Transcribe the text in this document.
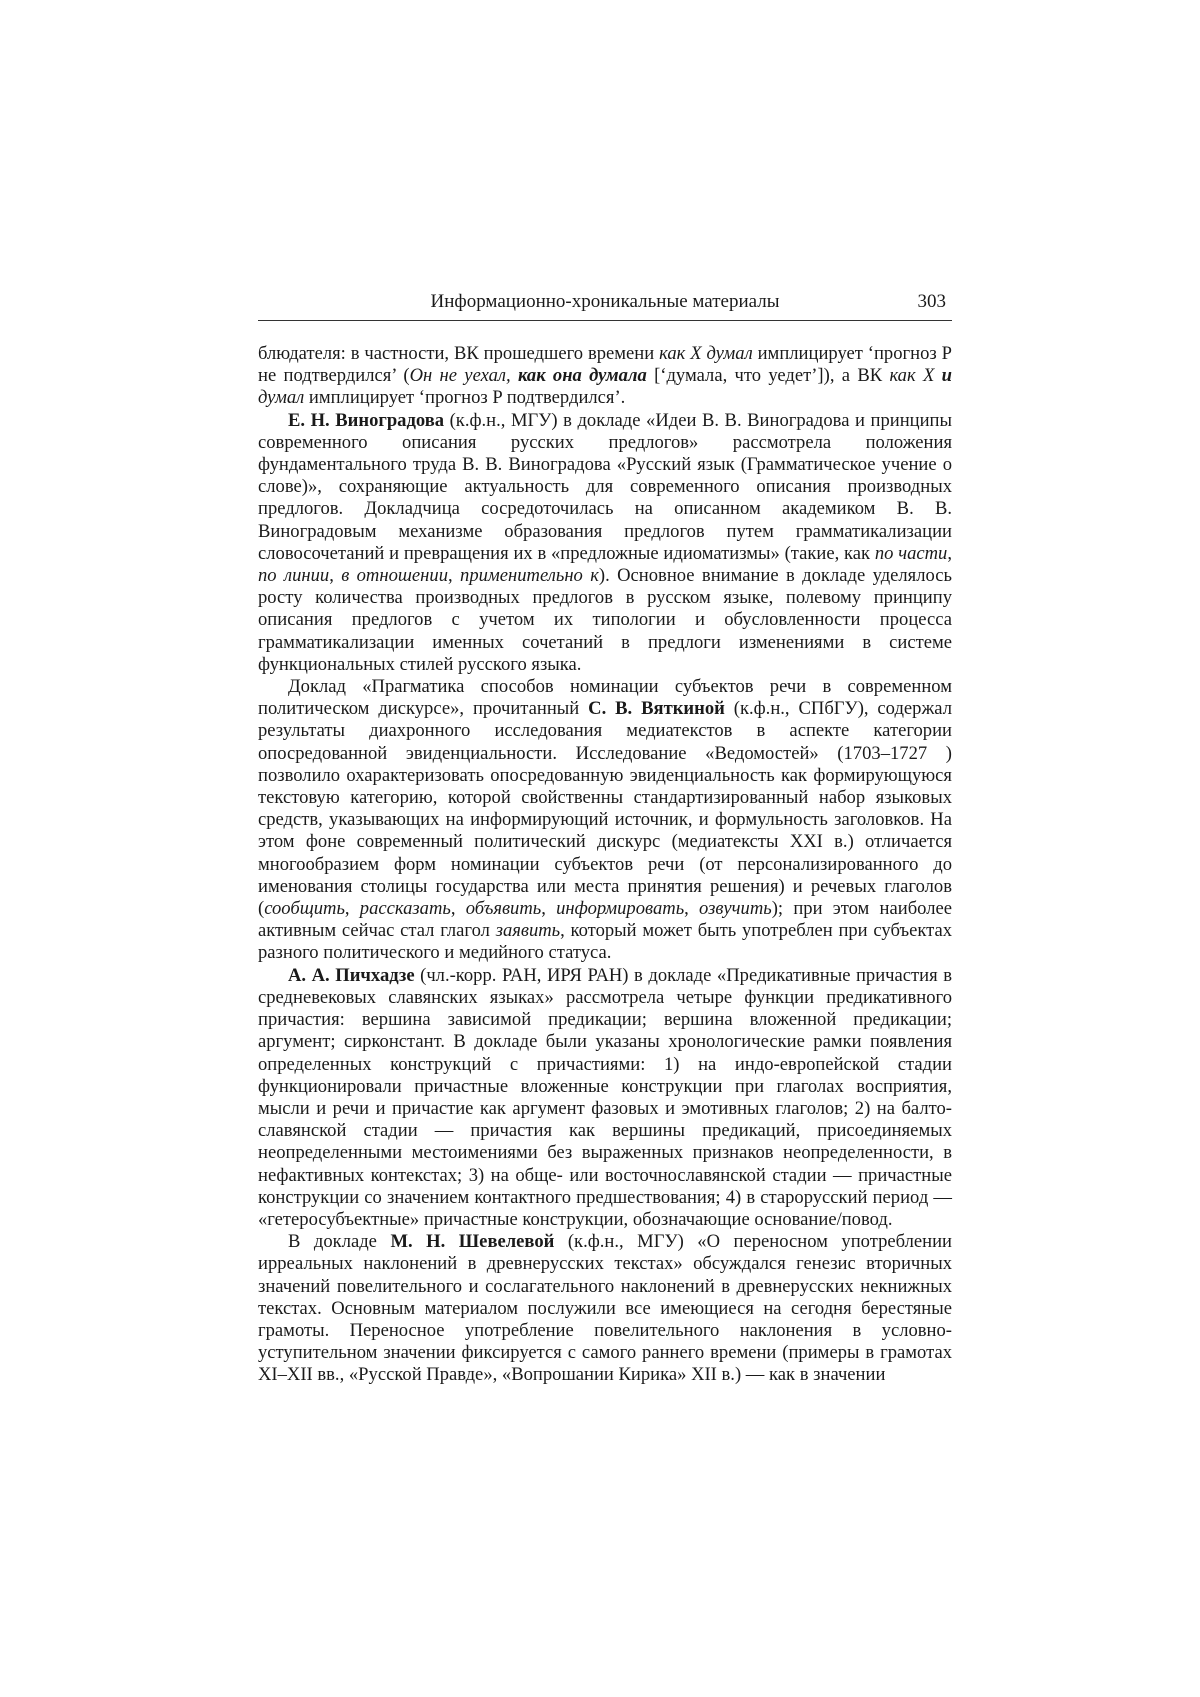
Информационно-хроникальные материалы	303

блюдателя: в частности, ВК прошедшего времени как X думал имплицирует ‘прогноз P не подтвердился’ (Он не уехал, как она думала [‘думала, что уедет’]), а ВК как X и думал имплицирует ‘прогноз P подтвердился’.

Е. Н. Виноградова (к.ф.н., МГУ) в докладе «Идеи В. В. Виноградова и принципы современного описания русских предлогов» рассмотрела положения фундаментального труда В. В. Виноградова «Русский язык (Грамматическое учение о слове)», сохраняющие актуальность для современного описания производных предлогов. Докладчица сосредоточилась на описанном академиком В. В. Виноградовым механизме образования предлогов путем грамматикализации словосочетаний и превращения их в «предложные идиоматизмы» (такие, как по части, по линии, в отношении, применительно к). Основное внимание в докладе уделялось росту количества производных предлогов в русском языке, полевому принципу описания предлогов с учетом их типологии и обусловленности процесса грамматикализации именных сочетаний в предлоги изменениями в системе функциональных стилей русского языка.

Доклад «Прагматика способов номинации субъектов речи в современном политическом дискурсе», прочитанный С. В. Вяткиной (к.ф.н., СПбГУ), содержал результаты диахронного исследования медиатекстов в аспекте категории опосредованной эвиденциальности. Исследование «Ведомостей» (1703–1727 ) позволило охарактеризовать опосредованную эвиденциальность как формирующуюся текстовую категорию, которой свойственны стандартизированный набор языковых средств, указывающих на информирующий источник, и формульность заголовков. На этом фоне современный политический дискурс (медиатексты XXI в.) отличается многообразием форм номинации субъектов речи (от персонализированного до именования столицы государства или места принятия решения) и речевых глаголов (сообщить, рассказать, объявить, информировать, озвучить); при этом наиболее активным сейчас стал глагол заявить, который может быть употреблен при субъектах разного политического и медийного статуса.

А. А. Пичхадзе (чл.-корр. РАН, ИРЯ РАН) в докладе «Предикативные причастия в средневековых славянских языках» рассмотрела четыре функции предикативного причастия: вершина зависимой предикации; вершина вложенной предикации; аргумент; сирконстант. В докладе были указаны хронологические рамки появления определенных конструкций с причастиями: 1) на индо-европейской стадии функционировали причастные вложенные конструкции при глаголах восприятия, мысли и речи и причастие как аргумент фазовых и эмотивных глаголов; 2) на балто-славянской стадии — причастия как вершины предикаций, присоединяемых неопределенными местоимениями без выраженных признаков неопределенности, в нефактивных контекстах; 3) на обще- или восточнославянской стадии — причастные конструкции со значением контактного предшествования; 4) в старорусский период — «гетеросубъектные» причастные конструкции, обозначающие основание/повод.

В докладе М. Н. Шевелевой (к.ф.н., МГУ) «О переносном употреблении ирреальных наклонений в древнерусских текстах» обсуждался генезис вторичных значений повелительного и сослагательного наклонений в древнерусских некнижных текстах. Основным материалом послужили все имеющиеся на сегодня берестяные грамоты. Переносное употребление повелительного наклонения в условно-уступительном значении фиксируется с самого раннего времени (примеры в грамотах XI–XII вв., «Русской Правде», «Вопрошании Кирика» XII в.) — как в значении
